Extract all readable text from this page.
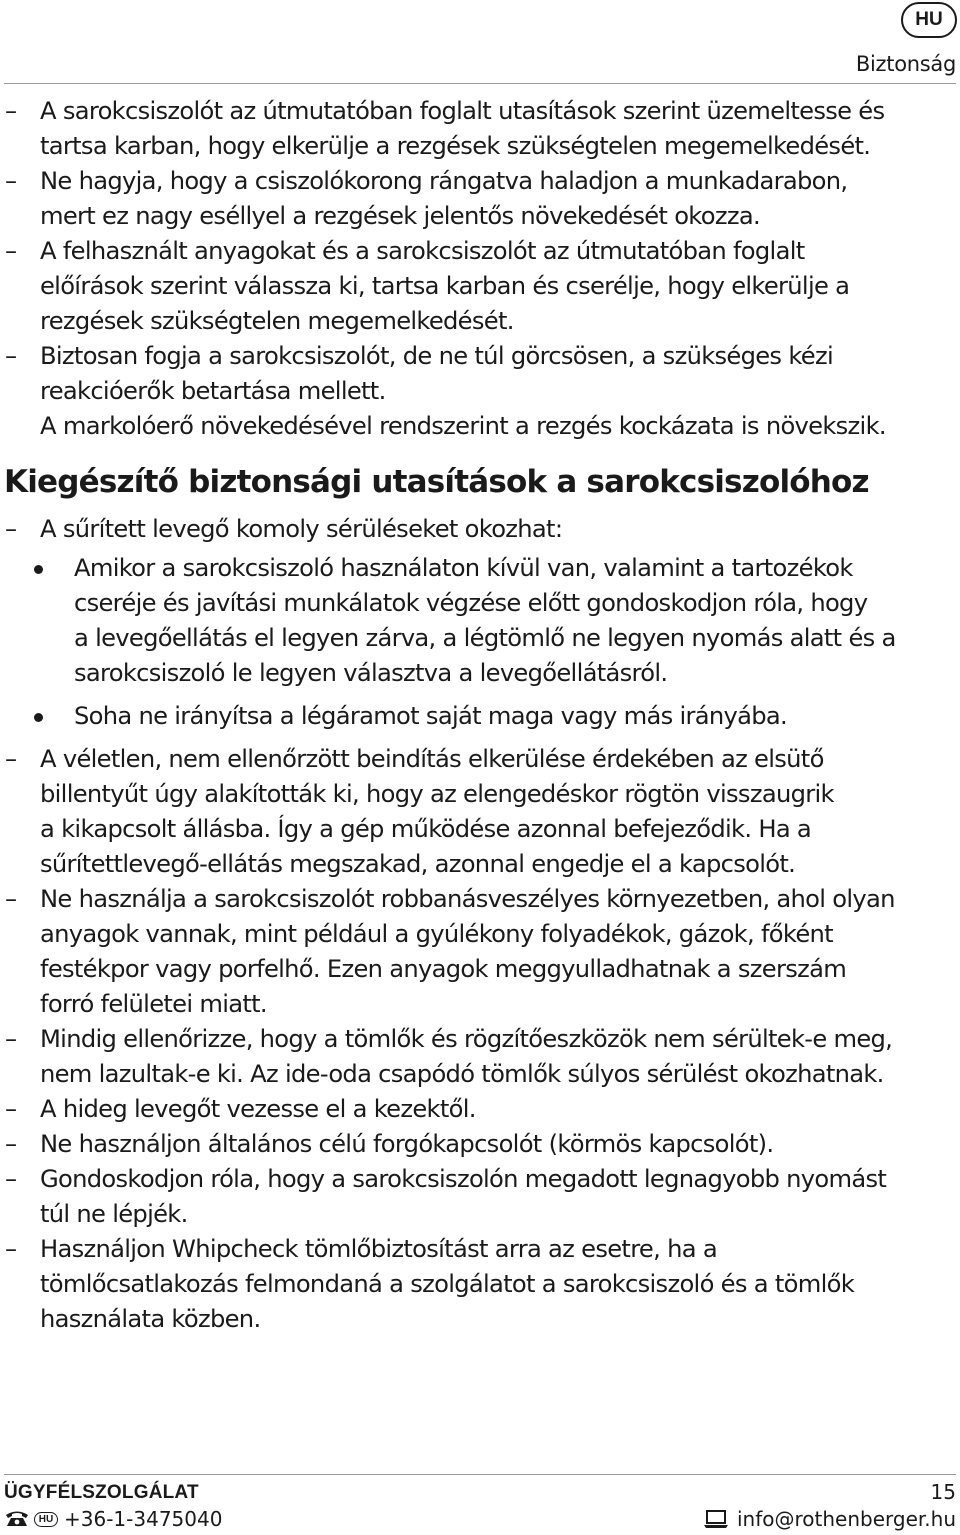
HU
Biztonság
– A sarokcsiszolót az útmutatóban foglalt utasítások szerint üzemeltesse és
tartsa karban, hogy elkerülje a rezgések szükségtelen megemelkedését.
– Ne hagyja, hogy a csiszolókorong rángatva haladjon a munkadarabon,
mert ez nagy eséllyel a rezgések jelentős növekedését okozza.
– A felhasznált anyagokat és a sarokcsiszolót az útmutatóban foglalt
előírások szerint válassza ki, tartsa karban és cserélje, hogy elkerülje a
rezgések szükségtelen megemelkedését.
– Biztosan fogja a sarokcsiszolót, de ne túl görcsösen, a szükséges kézi
reakcióerők betartása mellett.
A markolóerő növekedésével rendszerint a rezgés kockázata is növekszik.
Kiegészítő biztonsági utasítások a sarokcsiszolóhoz
– A sűrített levegő komoly sérüléseket okozhat:
Amikor a sarokcsiszoló használaton kívül van, valamint a tartozékok
cseréje és javítási munkálatok végzése előtt gondoskodjon róla, hogy
a levegőellátás el legyen zárva, a légtömlő ne legyen nyomás alatt és a
sarokcsiszoló le legyen választva a levegőellátásról.
Soha ne irányítsa a légáramot saját maga vagy más irányába.
– A véletlen, nem ellenőrzött beindítás elkerülése érdekében az elsütő
billentyűt úgy alakították ki, hogy az elengedéskor rögtön visszaugrik
a kikapcsolt állásba. Így a gép működése azonnal befejeződik. Ha a
sűrítettlevegő-ellátás megszakad, azonnal engedje el a kapcsolót.
– Ne használja a sarokcsiszolót robbanásveszélyes környezetben, ahol olyan
anyagok vannak, mint például a gyúlékony folyadékok, gázok, főként
festékpor vagy porfelhő. Ezen anyagok meggyulladhatnak a szerszám
forró felületei miatt.
– Mindig ellenőrizze, hogy a tömlők és rögzítőeszközök nem sérültek-e meg,
nem lazultak-e ki. Az ide-oda csapódó tömlők súlyos sérülést okozhatnak.
– A hideg levegőt vezesse el a kezektől.
– Ne használjon általános célú forgókapcsolót (körmös kapcsolót).
– Gondoskodjon róla, hogy a sarokcsiszolón megadott legnagyobb nyomást
túl ne lépjék.
– Használjon Whipcheck tömlőbiztosítást arra az esetre, ha a
tömlőcsatlakozás felmondaná a szolgálatot a sarokcsiszoló és a tömlők
használata közben.
ÜGYFÉLSZOLGÁLAT	15
HU +36-1-3475040	info@rothenberger.hu
